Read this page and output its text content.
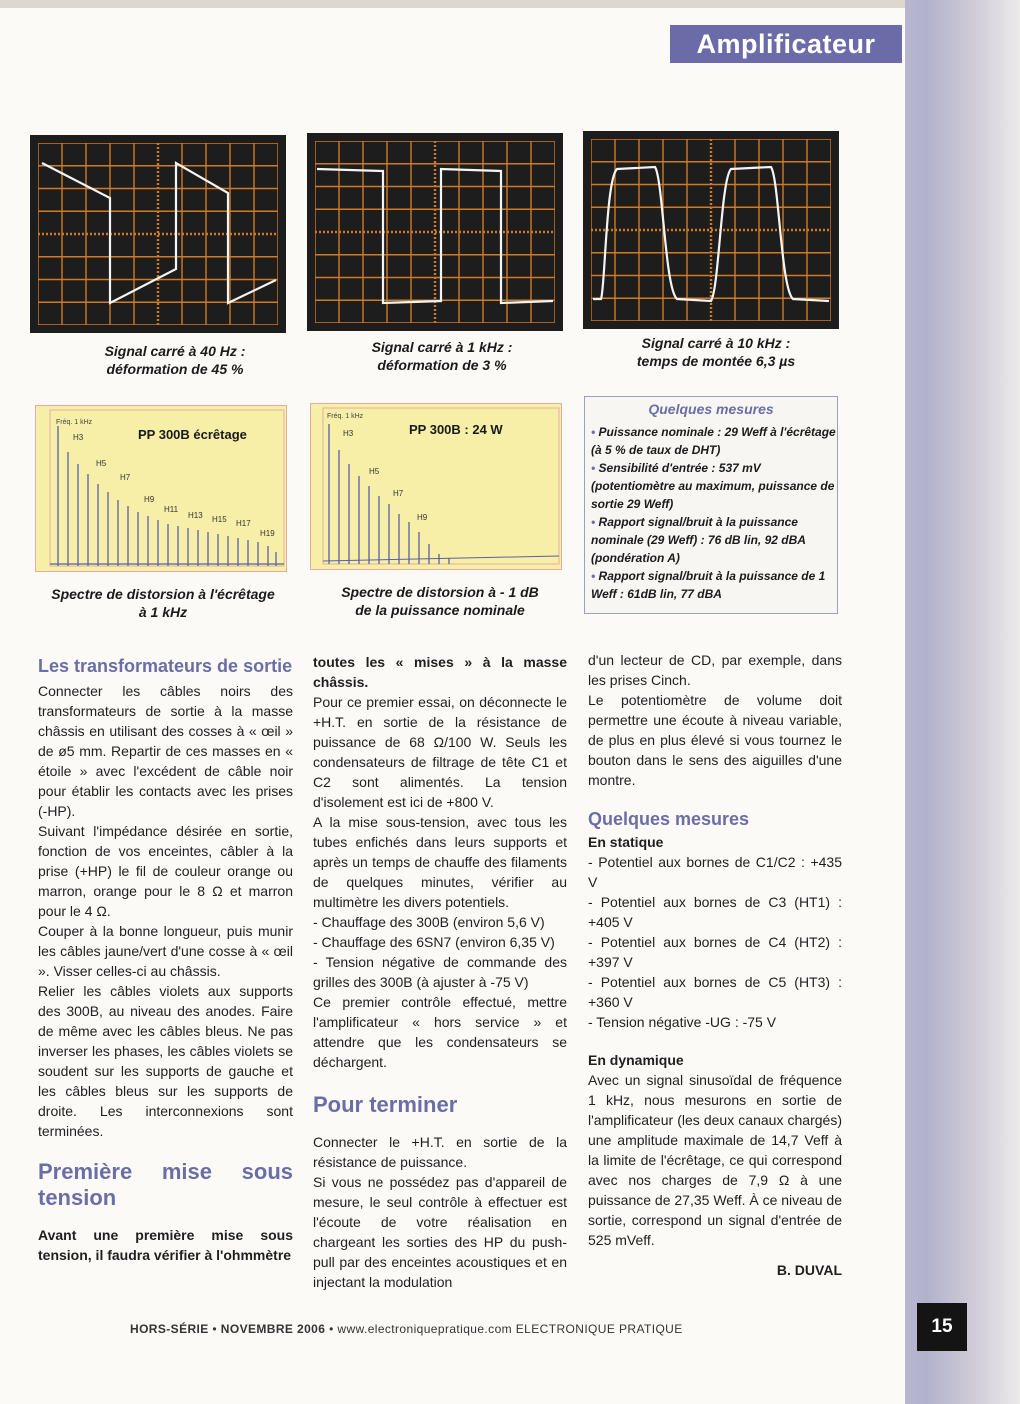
Amplificateur
Signal carré à 40 Hz :
déformation de 45 %
Signal carré à 1 kHz :
déformation de 3 %
Signal carré à 10 kHz :
temps de montée 6,3 µs
Fréq. 1 kHz
PP 300B écrêtage
H3
H5
H7
H9
H11
H13 H15 H17
H19
Spectre de distorsion à l'écrêtage
à 1 kHz
Fréq. 1 kHz
PP 300B : 24 W
H3
H5
H7
H9
Spectre de distorsion à - 1 dB
de la puissance nominale
Quelques mesures
• Puissance nominale : 29 Weff à l'écrêtage (à 5 % de taux de DHT)
• Sensibilité d'entrée : 537 mV (potentiomètre au maximum, puissance de sortie 29 Weff)
• Rapport signal/bruit à la puissance nominale (29 Weff) : 76 dB lin, 92 dBA (pondération A)
• Rapport signal/bruit à la puissance de 1 Weff : 61dB lin, 77 dBA

Les transformateurs de sortie

Connecter les câbles noirs des transformateurs de sortie à la masse châssis en utilisant des cosses à « œil » de ø5 mm. Repartir de ces masses en « étoile » avec l'excédent de câble noir pour établir les contacts avec les prises (-HP).

Suivant l'impédance désirée en sortie, fonction de vos enceintes, câbler à la prise (+HP) le fil de couleur orange ou marron, orange pour le 8 Ω et marron pour le 4 Ω.

Couper à la bonne longueur, puis munir les câbles jaune/vert d'une cosse à « œil ». Visser celles-ci au châssis.

Relier les câbles violets aux supports des 300B, au niveau des anodes. Faire de même avec les câbles bleus. Ne pas inverser les phases, les câbles violets se soudent sur les supports de gauche et les câbles bleus sur les supports de droite. Les interconnexions sont terminées.

Première mise sous tension

Avant une première mise sous tension, il faudra vérifier à l'ohmmètre

toutes les « mises » à la masse châssis.

Pour ce premier essai, on déconnecte le +H.T. en sortie de la résistance de puissance de 68 Ω/100 W. Seuls les condensateurs de filtrage de tête C1 et C2 sont alimentés. La tension d'isolement est ici de +800 V.

A la mise sous-tension, avec tous les tubes enfichés dans leurs supports et après un temps de chauffe des filaments de quelques minutes, vérifier au multimètre les divers potentiels.

- Chauffage des 300B (environ 5,6 V)

- Chauffage des 6SN7 (environ 6,35 V)

- Tension négative de commande des grilles des 300B (à ajuster à -75 V)

Ce premier contrôle effectué, mettre l'amplificateur « hors service » et attendre que les condensateurs se déchargent.

Pour terminer

Connecter le +H.T. en sortie de la résistance de puissance.

Si vous ne possédez pas d'appareil de mesure, le seul contrôle à effectuer est l'écoute de votre réalisation en chargeant les sorties des HP du push-pull par des enceintes acoustiques et en injectant la modulation

d'un lecteur de CD, par exemple, dans les prises Cinch.

Le potentiomètre de volume doit permettre une écoute à niveau variable, de plus en plus élevé si vous tournez le bouton dans le sens des aiguilles d'une montre.

Quelques mesures

En statique

- Potentiel aux bornes de C1/C2 : +435 V

- Potentiel aux bornes de C3 (HT1) : +405 V

- Potentiel aux bornes de C4 (HT2) : +397 V

- Potentiel aux bornes de C5 (HT3) : +360 V

- Tension négative -UG : -75 V

En dynamique

Avec un signal sinusoïdal de fréquence 1 kHz, nous mesurons en sortie de l'amplificateur (les deux canaux chargés) une amplitude maximale de 14,7 Veff à la limite de l'écrêtage, ce qui correspond avec nos charges de 7,9 Ω à une puissance de 27,35 Weff. À ce niveau de sortie, correspond un signal d'entrée de 525 mVeff.

B. DUVAL

HORS-SÉRIE • NOVEMBRE 2006 • www.electroniquepratique.com ELECTRONIQUE PRATIQUE	15
